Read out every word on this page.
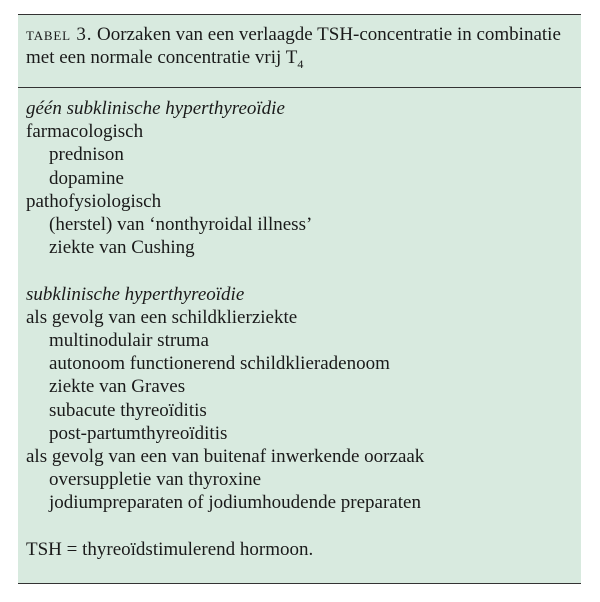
tabel 3. Oorzaken van een verlaagde TSH-concentratie in combinatie met een normale concentratie vrij $T_4$
géén subklinische hyperthyreoïdie
farmacologisch
prednison
dopamine
pathofysiologisch
(herstel) van ‘nonthyroidal illness’
ziekte van Cushing
subklinische hyperthyreoïdie
als gevolg van een schildklierziekte
multinodulair struma
autonoom functionerend schildklieradenoom
ziekte van Graves
subacute thyreoïditis
post-partumthyreoïditis
als gevolg van een van buitenaf inwerkende oorzaak
oversuppletie van thyroxine
jodiumpreparaten of jodiumhoudende preparaten
TSH = thyreoïdstimulerend hormoon.
